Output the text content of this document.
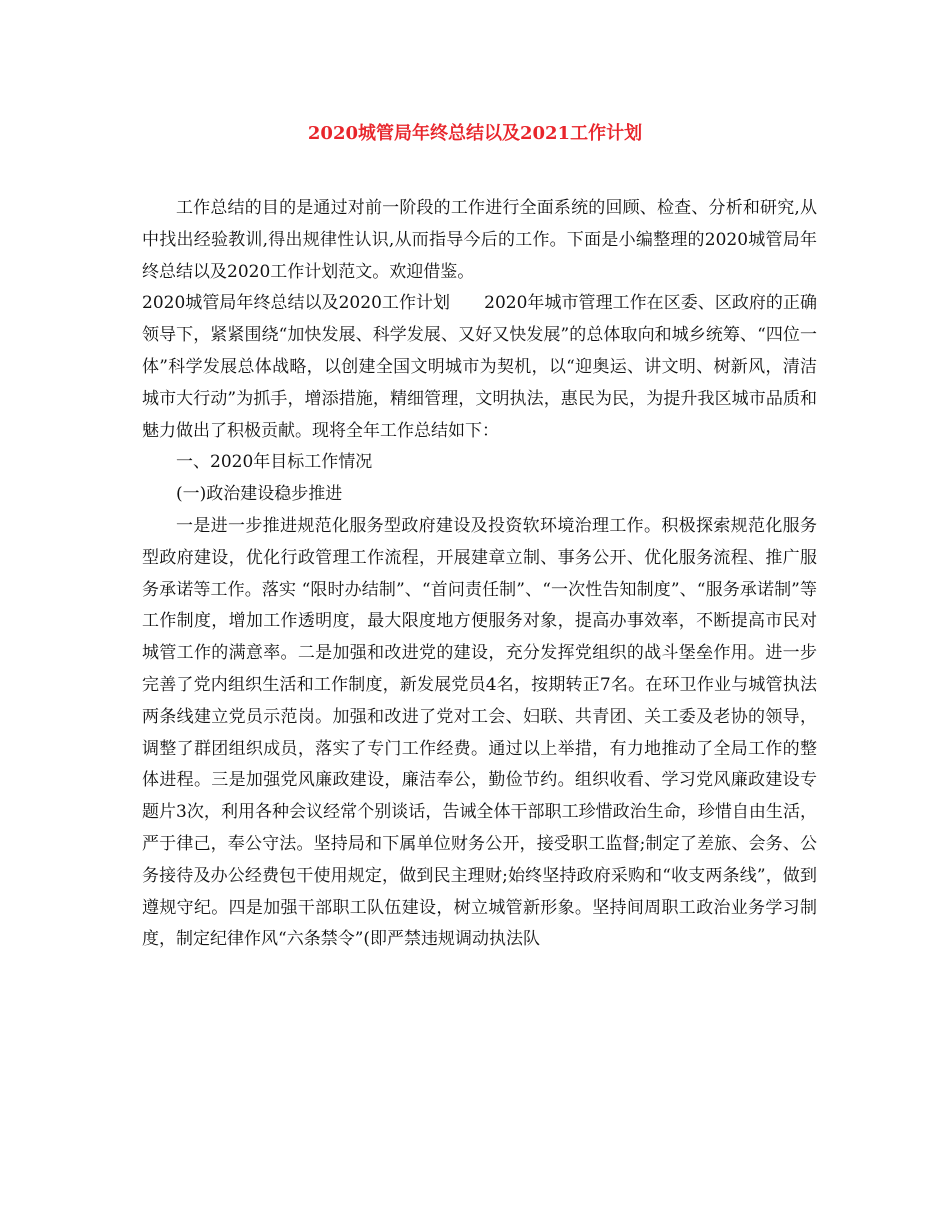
2020城管局年终总结以及2021工作计划

工作总结的目的是通过对前一阶段的工作进行全面系统的回顾、检查、分析和研究,从中找出经验教训,得出规律性认识,从而指导今后的工作。下面是小编整理的2020城管局年终总结以及2020工作计划范文。欢迎借鉴。

2020城管局年终总结以及2020工作计划　　2020年城市管理工作在区委、区政府的正确领导下，紧紧围绕“加快发展、科学发展、又好又快发展”的总体取向和城乡统筹、“四位一体”科学发展总体战略，以创建全国文明城市为契机，以“迎奥运、讲文明、树新风，清洁城市大行动”为抓手，增添措施，精细管理，文明执法，惠民为民，为提升我区城市品质和魅力做出了积极贡献。现将全年工作总结如下：

一、2020年目标工作情况

(一)政治建设稳步推进

一是进一步推进规范化服务型政府建设及投资软环境治理工作。积极探索规范化服务型政府建设，优化行政管理工作流程，开展建章立制、事务公开、优化服务流程、推广服务承诺等工作。落实 “限时办结制”、“首问责任制”、“一次性告知制度”、“服务承诺制”等工作制度，增加工作透明度，最大限度地方便服务对象，提高办事效率，不断提高市民对城管工作的满意率。二是加强和改进党的建设，充分发挥党组织的战斗堡垒作用。进一步完善了党内组织生活和工作制度，新发展党员4名，按期转正7名。在环卫作业与城管执法两条线建立党员示范岗。加强和改进了党对工会、妇联、共青团、关工委及老协的领导，调整了群团组织成员，落实了专门工作经费。通过以上举措，有力地推动了全局工作的整体进程。三是加强党风廉政建设，廉洁奉公，勤俭节约。组织收看、学习党风廉政建设专题片3次，利用各种会议经常个别谈话，告诫全体干部职工珍惜政治生命，珍惜自由生活，严于律己，奉公守法。坚持局和下属单位财务公开，接受职工监督;制定了差旅、会务、公务接待及办公经费包干使用规定，做到民主理财;始终坚持政府采购和“收支两条线”，做到遵规守纪。四是加强干部职工队伍建设，树立城管新形象。坚持间周职工政治业务学习制度，制定纪律作风“六条禁令”(即严禁违规调动执法队
